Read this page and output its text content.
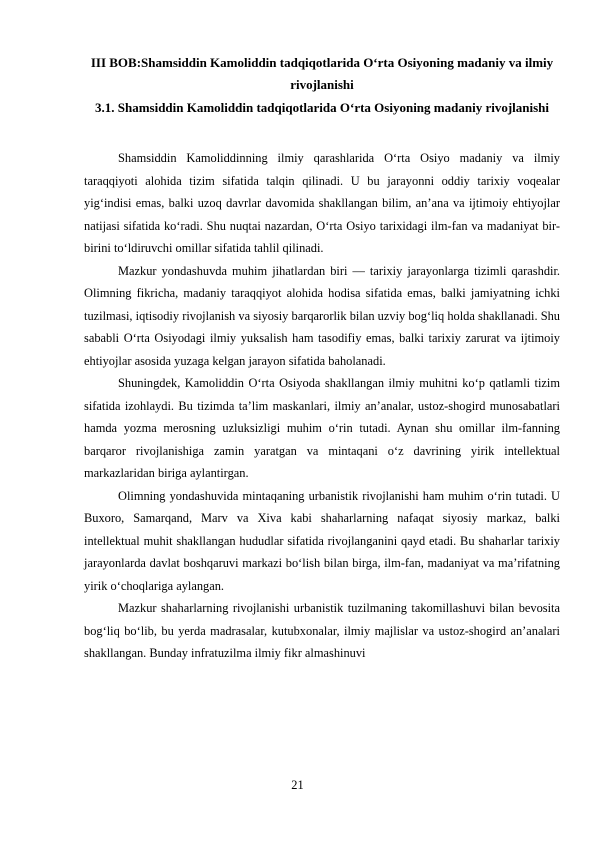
III BOB:Shamsiddin Kamoliddin tadqiqotlarida O‘rta Osiyoning madaniy va ilmiy rivojlanishi
3.1. Shamsiddin Kamoliddin tadqiqotlarida O‘rta Osiyoning madaniy rivojlanishi

Shamsiddin Kamoliddinning ilmiy qarashlarida O‘rta Osiyo madaniy va ilmiy taraqqiyoti alohida tizim sifatida talqin qilinadi. U bu jarayonni oddiy tarixiy voqealar yig‘indisi emas, balki uzoq davrlar davomida shakllangan bilim, an’ana va ijtimoiy ehtiyojlar natijasi sifatida ko‘radi. Shu nuqtai nazardan, O‘rta Osiyo tarixidagi ilm-fan va madaniyat bir-birini to‘ldiruvchi omillar sifatida tahlil qilinadi.

Mazkur yondashuvda muhim jihatlardan biri — tarixiy jarayonlarga tizimli qarashdir. Olimning fikricha, madaniy taraqqiyot alohida hodisa sifatida emas, balki jamiyatning ichki tuzilmasi, iqtisodiy rivojlanish va siyosiy barqarorlik bilan uzviy bog‘liq holda shakllanadi. Shu sababli O‘rta Osiyodagi ilmiy yuksalish ham tasodifiy emas, balki tarixiy zarurat va ijtimoiy ehtiyojlar asosida yuzaga kelgan jarayon sifatida baholanadi.

Shuningdek, Kamoliddin O‘rta Osiyoda shakllangan ilmiy muhitni ko‘p qatlamli tizim sifatida izohlaydi. Bu tizimda ta’lim maskanlari, ilmiy an’analar, ustoz-shogird munosabatlari hamda yozma merosning uzluksizligi muhim o‘rin tutadi. Aynan shu omillar ilm-fanning barqaror rivojlanishiga zamin yaratgan va mintaqani o‘z davrining yirik intellektual markazlaridan biriga aylantirgan.

Olimning yondashuvida mintaqaning urbanistik rivojlanishi ham muhim o‘rin tutadi. U Buxoro, Samarqand, Marv va Xiva kabi shaharlarning nafaqat siyosiy markaz, balki intellektual muhit shakllangan hududlar sifatida rivojlanganini qayd etadi. Bu shaharlar tarixiy jarayonlarda davlat boshqaruvi markazi bo‘lish bilan birga, ilm-fan, madaniyat va ma’rifatning yirik o‘choqlariga aylangan.

Mazkur shaharlarning rivojlanishi urbanistik tuzilmaning takomillashuvi bilan bevosita bog‘liq bo‘lib, bu yerda madrasalar, kutubxonalar, ilmiy majlislar va ustoz-shogird an’analari shakllangan. Bunday infratuzilma ilmiy fikr almashinuvi

21
